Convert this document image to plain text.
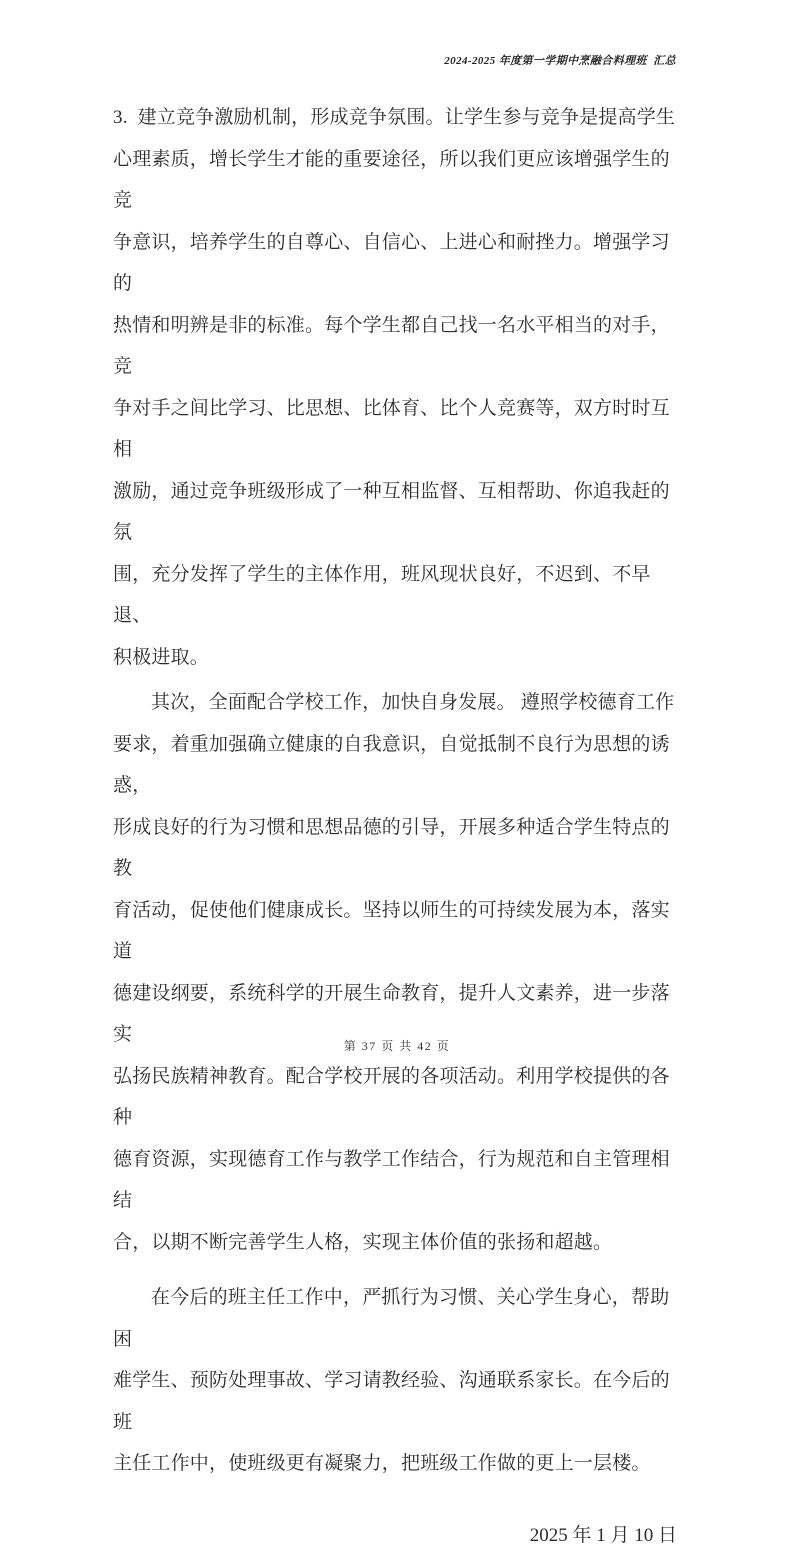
2024-2025 年度第一学期中烹融合料理班  汇总
3.  建立竞争激励机制，形成竞争氛围。让学生参与竞争是提高学生
心理素质，增长学生才能的重要途径，所以我们更应该增强学生的竞
争意识，培养学生的自尊心、自信心、上进心和耐挫力。增强学习的
热情和明辨是非的标准。每个学生都自己找一名水平相当的对手，竞
争对手之间比学习、比思想、比体育、比个人竞赛等，双方时时互相
激励，通过竞争班级形成了一种互相监督、互相帮助、你追我赶的氛
围，充分发挥了学生的主体作用，班风现状良好，不迟到、不早退、
积极进取。
其次，全面配合学校工作，加快自身发展。 遵照学校德育工作
要求，着重加强确立健康的自我意识，自觉抵制不良行为思想的诱惑，
形成良好的行为习惯和思想品德的引导，开展多种适合学生特点的教
育活动，促使他们健康成长。坚持以师生的可持续发展为本，落实道
德建设纲要，系统科学的开展生命教育，提升人文素养，进一步落实
弘扬民族精神教育。配合学校开展的各项活动。利用学校提供的各种
德育资源，实现德育工作与教学工作结合，行为规范和自主管理相结
合，以期不断完善学生人格，实现主体价值的张扬和超越。
在今后的班主任工作中，严抓行为习惯、关心学生身心，帮助困
难学生、预防处理事故、学习请教经验、沟通联系家长。在今后的班
主任工作中，使班级更有凝聚力，把班级工作做的更上一层楼。
2025 年 1 月 10 日
第 37 页 共 42 页
